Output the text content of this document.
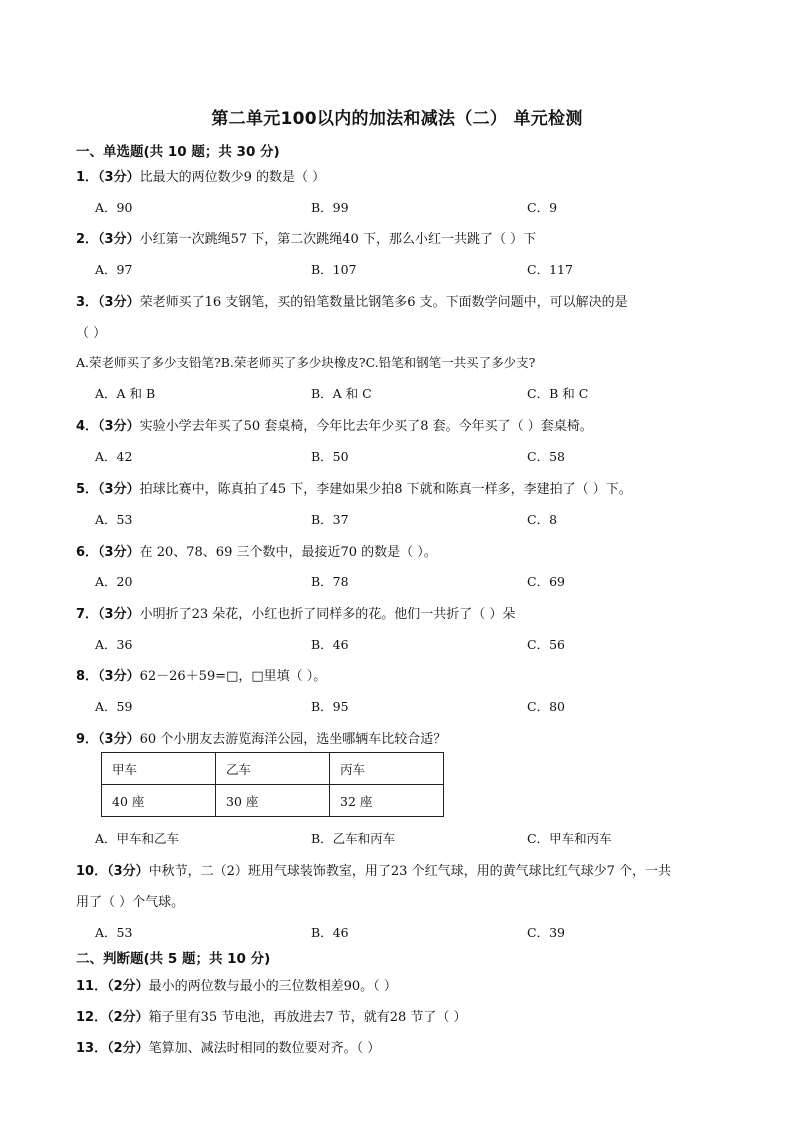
第二单元100以内的加法和减法（二） 单元检测
一、单选题(共 10 题；共 30 分)
1．（3分）比最大的两位数少9 的数是（ ）
A．90	B．99	C．9
2．（3分）小红第一次跳绳57 下，第二次跳绳40 下，那么小红一共跳了（ ）下
A．97	B．107	C．117
3．（3分）荣老师买了16 支钢笔，买的铅笔数量比钢笔多6 支。下面数学问题中，可以解决的是
（ ）
A.荣老师买了多少支铅笔?B.荣老师买了多少块橡皮?C.铅笔和钢笔一共买了多少支?
A．A 和 B	B．A 和 C	C．B 和 C
4．（3分）实验小学去年买了50 套桌椅，今年比去年少买了8 套。今年买了（ ）套桌椅。
A．42	B．50	C．58
5．（3分）拍球比赛中，陈真拍了45 下，李建如果少拍8 下就和陈真一样多，李建拍了（ ）下。
A．53	B．37	C．8
6．（3分）在 20、78、69 三个数中，最接近70 的数是（ ）。
A．20	B．78	C．69
7．（3分）小明折了23 朵花，小红也折了同样多的花。他们一共折了（ ）朵
A．36	B．46	C．56
8．（3分）62－26＋59=□，□里填（ ）。
A．59	B．95	C．80
9．（3分）60 个小朋友去游览海洋公园，选坐哪辆车比较合适？
甲车	乙车	丙车
40 座	30 座	32 座
A．甲车和乙车	B．乙车和丙车	C．甲车和丙车
10．（3分）中秋节，二（2）班用气球装饰教室，用了23 个红气球，用的黄气球比红气球少7 个，一共
用了（ ）个气球。
A．53	B．46	C．39
二、判断题(共 5 题；共 10 分)
11．（2分）最小的两位数与最小的三位数相差90。（ ）
12．（2分）箱子里有35 节电池，再放进去7 节，就有28 节了（ ）
13．（2分）笔算加、减法时相同的数位要对齐。（ ）
